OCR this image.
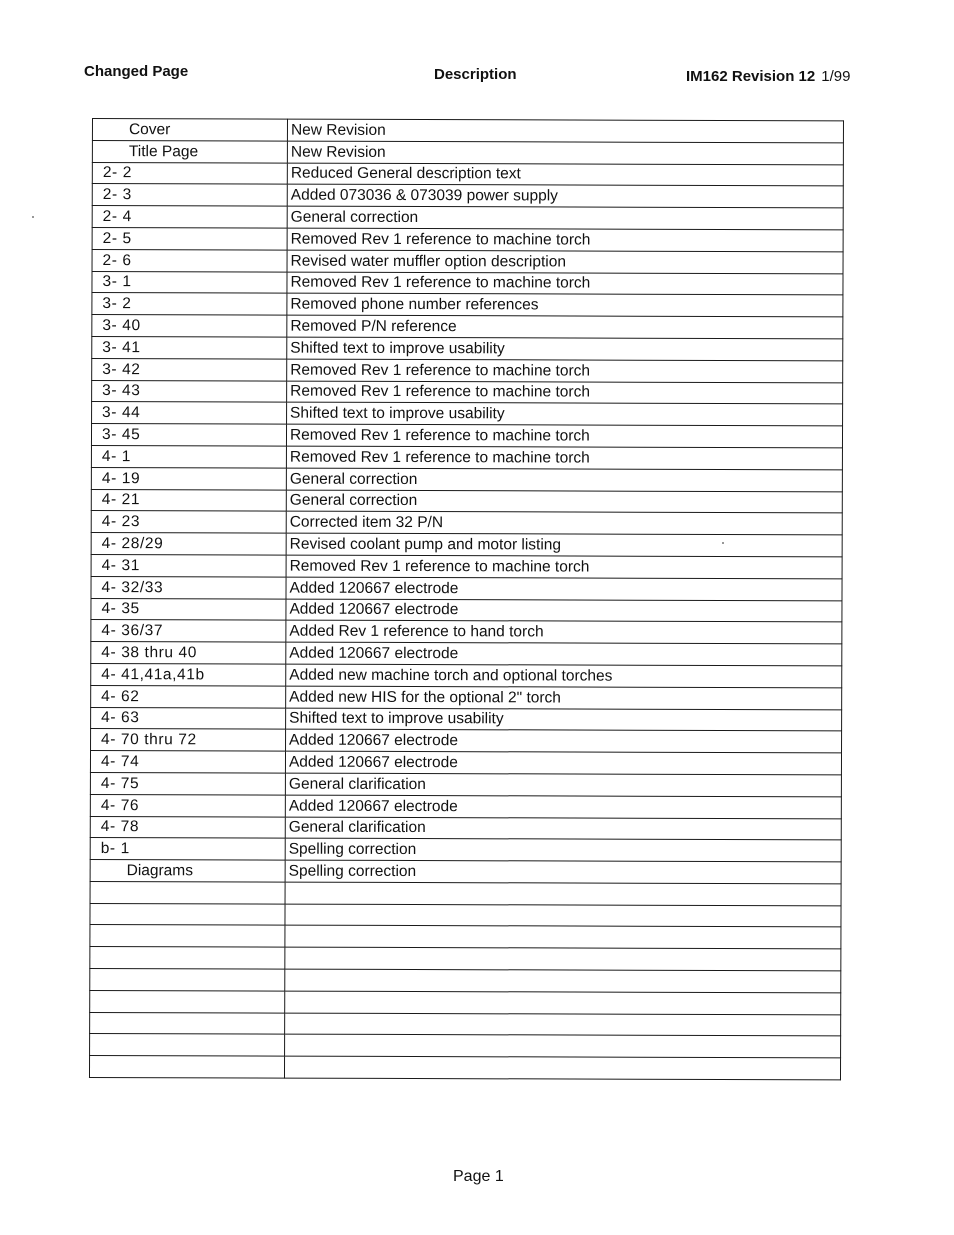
Changed Page	Description	IM162 Revision 12 1/99
Cover	New Revision
Title Page	New Revision
2- 2	Reduced General description text
2- 3	Added 073036 & 073039 power supply
2- 4	General correction
2- 5	Removed Rev 1 reference to machine torch
2- 6	Revised water muffler option description
3- 1	Removed Rev 1 reference to machine torch
3- 2	Removed phone number references
3- 40	Removed P/N reference
3- 41	Shifted text to improve usability
3- 42	Removed Rev 1 reference to machine torch
3- 43	Removed Rev 1 reference to machine torch
3- 44	Shifted text to improve usability
3- 45	Removed Rev 1 reference to machine torch
4- 1	Removed Rev 1 reference to machine torch
4- 19	General correction
4- 21	General correction
4- 23	Corrected item 32 P/N
4- 28/29	Revised coolant pump and motor listing
4- 31	Removed Rev 1 reference to machine torch
4- 32/33	Added 120667 electrode
4- 35	Added 120667 electrode
4- 36/37	Added Rev 1 reference to hand torch
4- 38 thru 40	Added 120667 electrode
4- 41,41a,41b	Added new machine torch and optional torches
4- 62	Added new HIS for the optional 2" torch
4- 63	Shifted text to improve usability
4- 70 thru 72	Added 120667 electrode
4- 74	Added 120667 electrode
4- 75	General clarification
4- 76	Added 120667 electrode
4- 78	General clarification
b- 1	Spelling correction
Diagrams	Spelling correction

Page 1
